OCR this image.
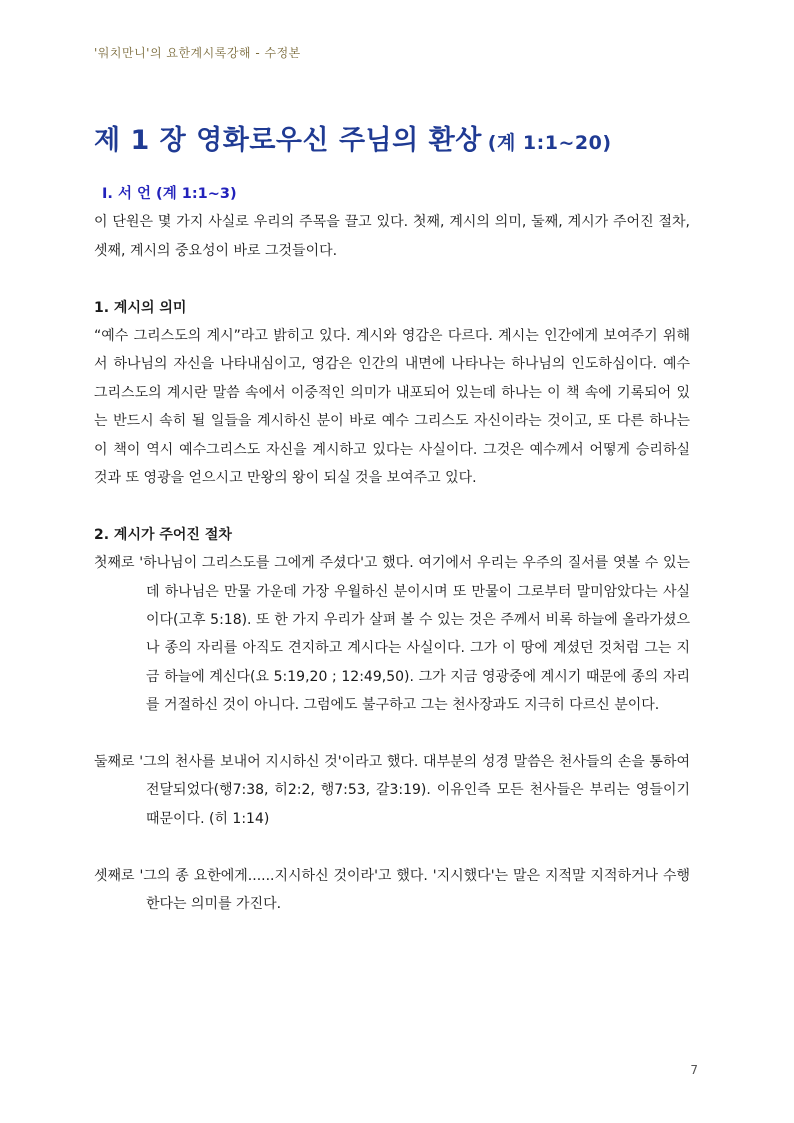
'워치만니'의 요한계시록강해 - 수정본
제 1 장 영화로우신 주님의 환상 (계 1:1~20)
Ⅰ. 서 언 (계 1:1~3)

이 단원은 몇 가지 사실로 우리의 주목을 끌고 있다. 첫째, 계시의 의미, 둘째, 계시가 주어진 절차, 셋째, 계시의 중요성이 바로 그것들이다.

1. 계시의 의미

“예수 그리스도의 계시”라고 밝히고 있다. 계시와 영감은 다르다. 계시는 인간에게 보여주기 위해서 하나님의 자신을 나타내심이고, 영감은 인간의 내면에 나타나는 하나님의 인도하심이다. 예수 그리스도의 계시란 말씀 속에서 이중적인 의미가 내포되어 있는데 하나는 이 책 속에 기록되어 있는 반드시 속히 될 일들을 계시하신 분이 바로 예수 그리스도 자신이라는 것이고, 또 다른 하나는 이 책이 역시 예수그리스도 자신을 계시하고 있다는 사실이다. 그것은 예수께서 어떻게 승리하실 것과 또 영광을 얻으시고 만왕의 왕이 되실 것을 보여주고 있다.

2. 계시가 주어진 절차

첫째로 '하나님이 그리스도를 그에게 주셨다'고 했다. 여기에서 우리는 우주의 질서를 엿볼 수 있는데 하나님은 만물 가운데 가장 우월하신 분이시며 또 만물이 그로부터 말미암았다는 사실이다(고후 5:18). 또 한 가지 우리가 살펴 볼 수 있는 것은 주께서 비록 하늘에 올라가셨으나 종의 자리를 아직도 견지하고 계시다는 사실이다. 그가 이 땅에 계셨던 것처럼 그는 지금 하늘에 계신다(요 5:19,20 ; 12:49,50). 그가 지금 영광중에 계시기 때문에 종의 자리를 거절하신 것이 아니다. 그럼에도 불구하고 그는 천사장과도 지극히 다르신 분이다.

둘째로 '그의 천사를 보내어 지시하신 것'이라고 했다. 대부분의 성경 말씀은 천사들의 손을 통하여 전달되었다(행7:38, 히2:2, 행7:53, 갈3:19). 이유인즉 모든 천사들은 부리는 영들이기 때문이다. (히 1:14)

셋째로 '그의 종 요한에게......지시하신 것이라'고 했다. '지시했다'는 말은 지적말 지적하거나 수행한다는 의미를 가진다.

7
